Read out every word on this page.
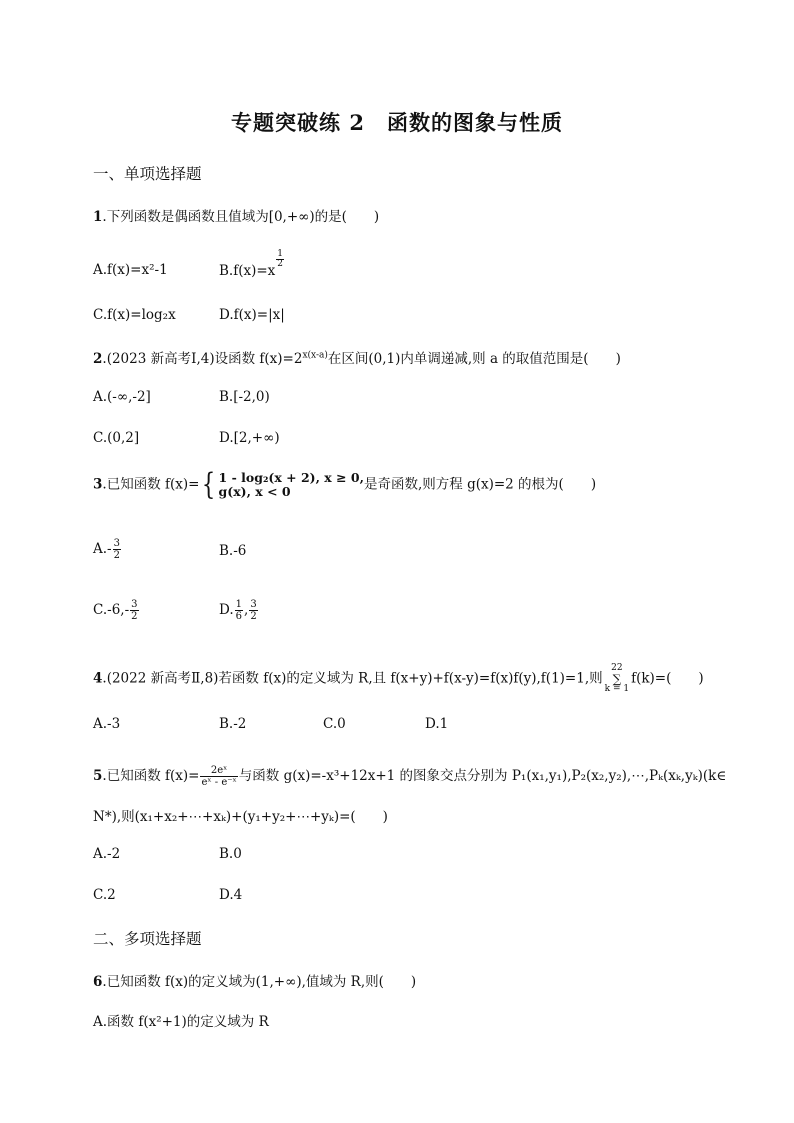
专题突破练 2　函数的图象与性质
一、单项选择题
1.下列函数是偶函数且值域为[0,+∞)的是(　　)
A.f(x)=x²-1	B.f(x)=x
$\frac{1}{2}$
C.f(x)=log₂x	D.f(x)=|x|
2.(2023 新高考Ⅰ,4)设函数 $f(x)=2^{x(x-a)}$在区间(0,1)内单调递减,则 a 的取值范围是(　　)
A.(-∞,-2]	B.[-2,0)
C.(0,2]	D.[2,+∞)
3.已知函数 f(x)={ 1 - log₂(x + 2), x ≥ 0,
g(x), x < 0	是奇函数,则方程 g(x)=2 的根为(　　)
$A.- \frac{3}{2}$	B.-6
$C.-6,- \frac{3}{2}$	D. $\frac{1}{6}$ , $\frac{3}{2}$
4.(2022 新高考Ⅱ,8)若函数 f(x)的定义域为 R,且 f(x+y)+f(x-y)=f(x)f(y),f(1)=1,则
22
∑
k = 1
f(k)=(　　)
A.-3	B.-2	C.0	D.1
5.已知函数 $f(x)= \frac{\text{2eˣ}}{\text{eˣ - e⁻ˣ}}$ 与函数 g(x)=-x³+12x+1 的图象交点分别为 P₁(x₁,y₁),P₂(x₂,y₂),⋯,Pₖ(xₖ,yₖ)(k∈
N*),则(x₁+x₂+⋯+xₖ)+(y₁+y₂+⋯+yₖ)=(　　)
A.-2	B.0
C.2	D.4
二、多项选择题
6.已知函数 f(x)的定义域为(1,+∞),值域为 R,则(　　)
A.函数 f(x²+1)的定义域为 R
